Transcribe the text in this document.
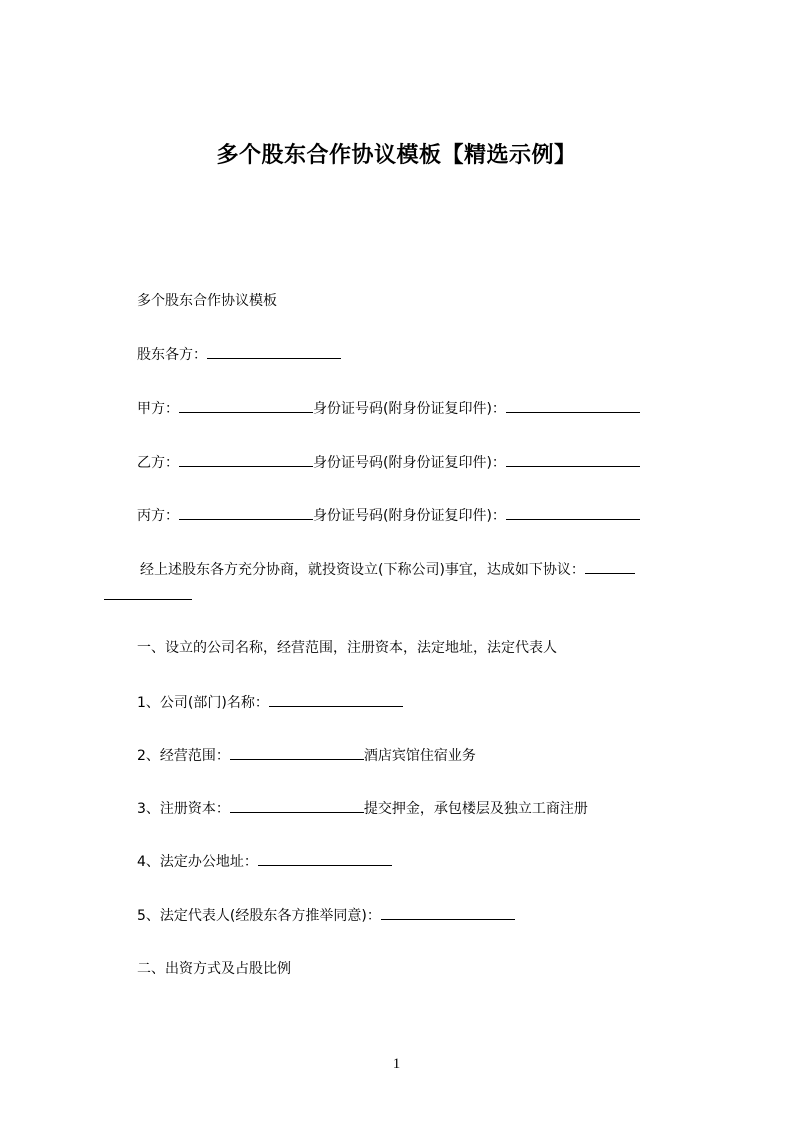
多个股东合作协议模板【精选示例】
多个股东合作协议模板
股东各方：
甲方：	身份证号码(附身份证复印件)：
乙方：	身份证号码(附身份证复印件)：
丙方：	身份证号码(附身份证复印件)：
经上述股东各方充分协商，就投资设立(下称公司)事宜，达成如下协议：
一、设立的公司名称，经营范围，注册资本，法定地址，法定代表人
1、公司(部门)名称：
2、经营范围：	酒店宾馆住宿业务
3、注册资本：	提交押金，承包楼层及独立工商注册
4、法定办公地址：
5、法定代表人(经股东各方推举同意)：
二、出资方式及占股比例
1
